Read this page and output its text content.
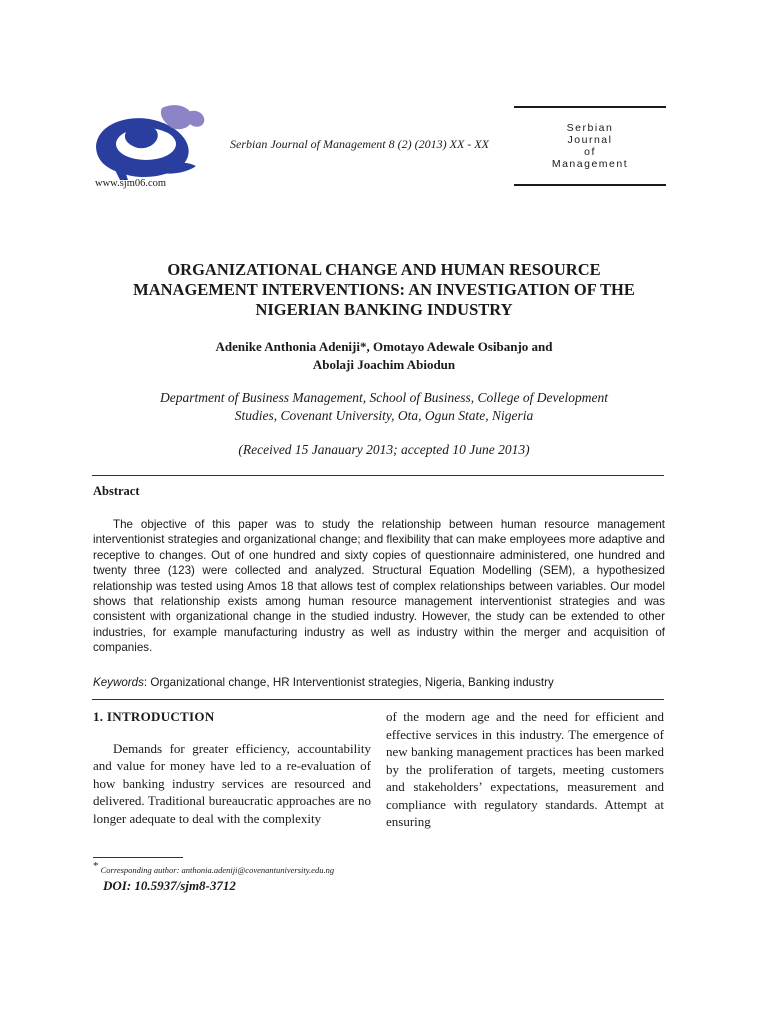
www.sjm06.com
Serbian Journal of Management 8 (2) (2013) XX - XX
Serbian
Journal
of
Management
ORGANIZATIONAL CHANGE AND HUMAN RESOURCE
MANAGEMENT INTERVENTIONS: AN INVESTIGATION OF THE
NIGERIAN BANKING INDUSTRY
Adenike Anthonia Adeniji*, Omotayo Adewale Osibanjo and
Abolaji Joachim Abiodun
Department of Business Management, School of Business, College of Development
Studies, Covenant University, Ota, Ogun State, Nigeria
(Received 15 Janauary 2013; accepted 10 June 2013)
Abstract

The objective of this paper was to study the relationship between human resource management interventionist strategies and organizational change; and flexibility that can make employees more adaptive and receptive to changes. Out of one hundred and sixty copies of questionnaire administered, one hundred and twenty three (123) were collected and analyzed. Structural Equation Modelling (SEM), a hypothesized relationship was tested using Amos 18 that allows test of complex relationships between variables. Our model shows that relationship exists among human resource management interventionist strategies and was consistent with organizational change in the studied industry. However, the study can be extended to other industries, for example manufacturing industry as well as industry within the merger and acquisition of companies.

Keywords: Organizational change, HR Interventionist strategies, Nigeria, Banking industry
1. INTRODUCTION

Demands for greater efficiency, accountability and value for money have led to a re-evaluation of how banking industry services are resourced and delivered. Traditional bureaucratic approaches are no longer adequate to deal with the complexity

of the modern age and the need for efficient and effective services in this industry. The emergence of new banking management practices has been marked by the proliferation of targets, meeting customers and stakeholders’ expectations, measurement and compliance with regulatory standards. Attempt at ensuring

* Corresponding author: anthonia.adeniji@covenantuniversity.edu.ng
DOI: 10.5937/sjm8-3712
